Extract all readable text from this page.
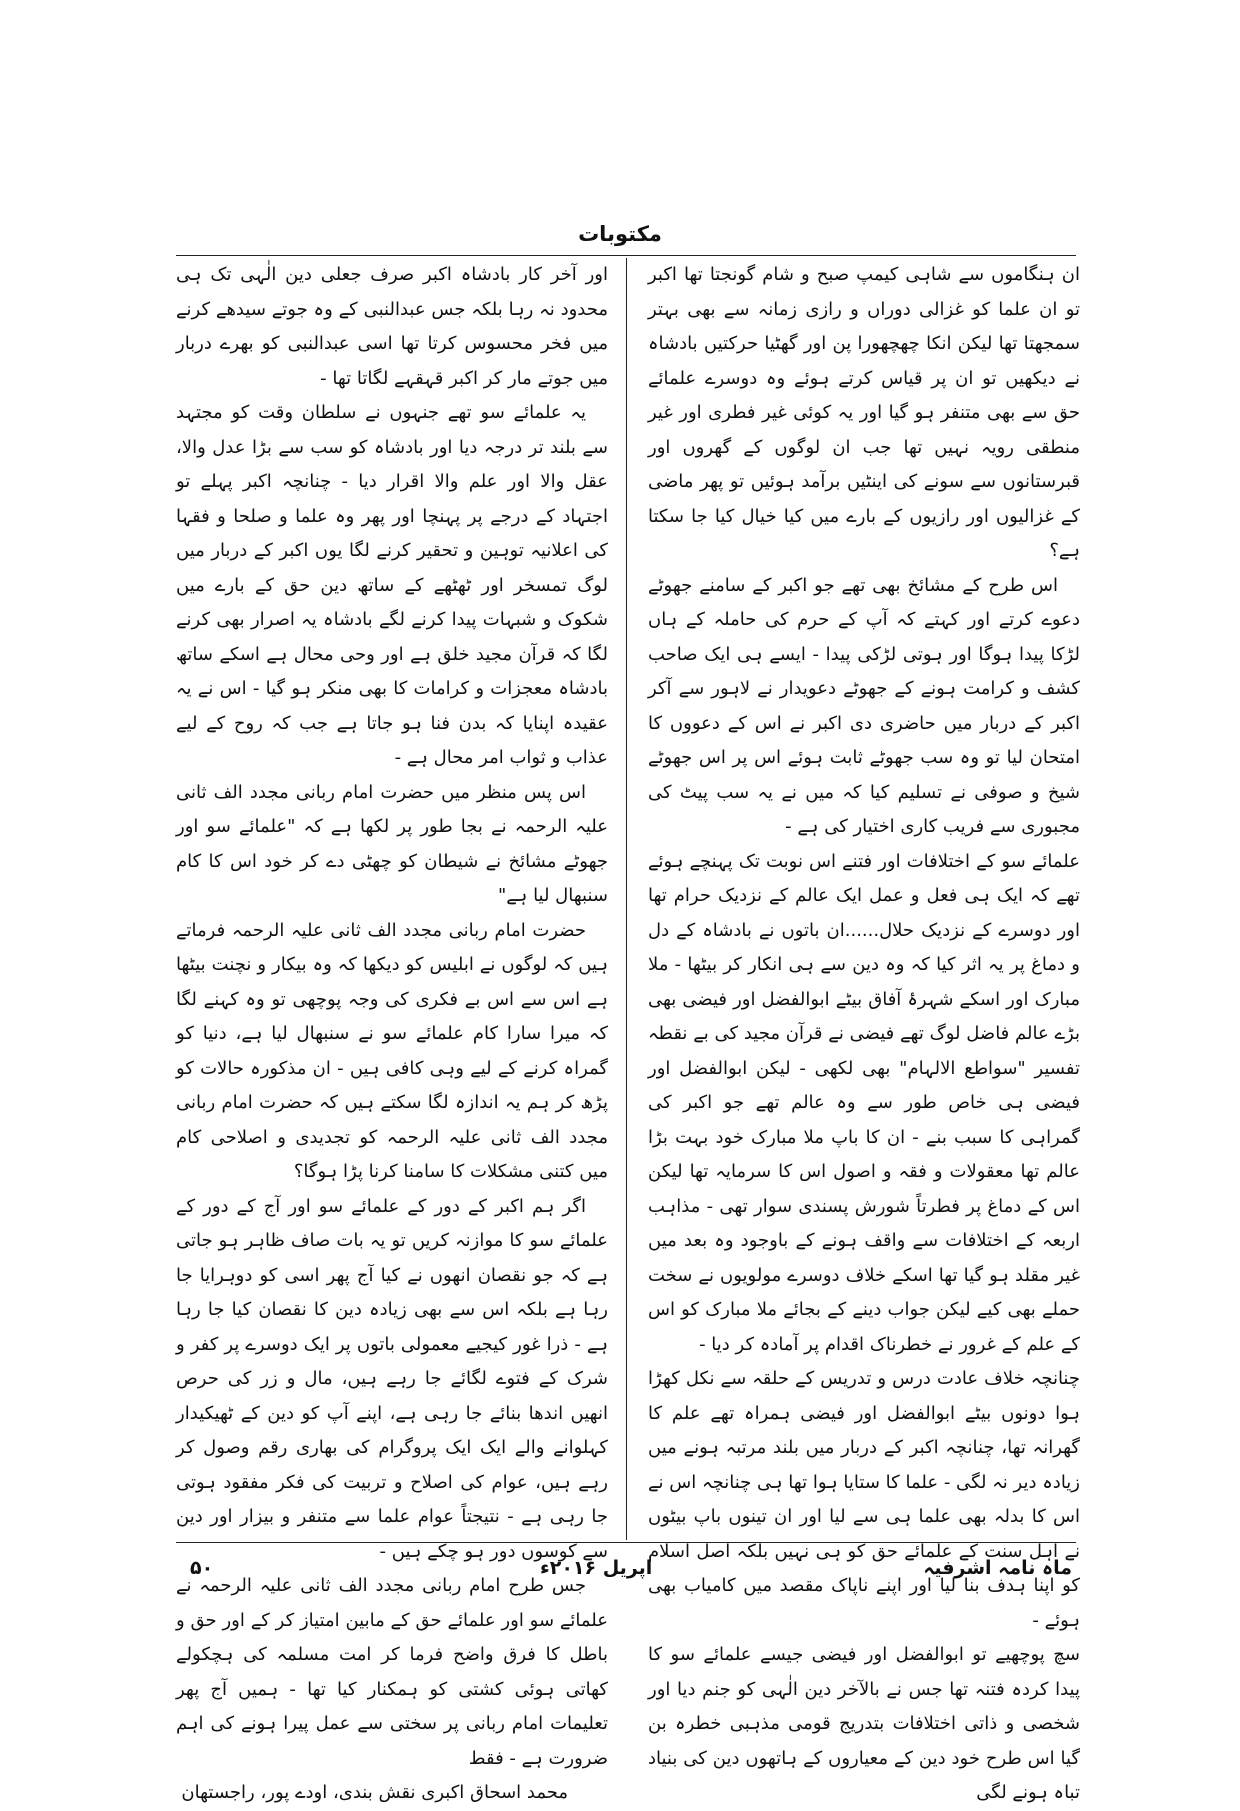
مکتوبات

ان ہنگاموں سے شاہی کیمپ صبح و شام گونجتا تھا اکبر تو ان علما کو غزالی دوراں و رازی زمانہ سے بھی بہتر سمجھتا تھا لیکن انکا چھچھورا پن اور گھٹیا حرکتیں بادشاہ نے دیکھیں تو ان پر قیاس کرتے ہوئے وہ دوسرے علمائے حق سے بھی متنفر ہو گیا اور یہ کوئی غیر فطری اور غیر منطقی رویہ نہیں تھا جب ان لوگوں کے گھروں اور قبرستانوں سے سونے کی اینٹیں برآمد ہوئیں تو پھر ماضی کے غزالیوں اور رازیوں کے بارے میں کیا خیال کیا جا سکتا ہے؟

اس طرح کے مشائخ بھی تھے جو اکبر کے سامنے جھوٹے دعوے کرتے اور کہتے کہ آپ کے حرم کی حاملہ کے ہاں لڑکا پیدا ہوگا اور ہوتی لڑکی پیدا - ایسے ہی ایک صاحب کشف و کرامت ہونے کے جھوٹے دعویدار نے لاہور سے آکر اکبر کے دربار میں حاضری دی اکبر نے اس کے دعووں کا امتحان لیا تو وہ سب جھوٹے ثابت ہوئے اس پر اس جھوٹے شیخ و صوفی نے تسلیم کیا کہ میں نے یہ سب پیٹ کی مجبوری سے فریب کاری اختیار کی ہے -

علمائے سو کے اختلافات اور فتنے اس نوبت تک پہنچے ہوئے تھے کہ ایک ہی فعل و عمل ایک عالم کے نزدیک حرام تھا اور دوسرے کے نزدیک حلال......ان باتوں نے بادشاہ کے دل و دماغ پر یہ اثر کیا کہ وہ دین سے ہی انکار کر بیٹھا - ملا مبارک اور اسکے شہرۂ آفاق بیٹے ابوالفضل اور فیضی بھی بڑے عالم فاضل لوگ تھے فیضی نے قرآن مجید کی بے نقطہ تفسیر "سواطع الالہام" بھی لکھی - لیکن ابوالفضل اور فیضی ہی خاص طور سے وہ عالم تھے جو اکبر کی گمراہی کا سبب بنے - ان کا باپ ملا مبارک خود بہت بڑا عالم تھا معقولات و فقہ و اصول اس کا سرمایہ تھا لیکن اس کے دماغ پر فطرتاً شورش پسندی سوار تھی - مذاہب اربعہ کے اختلافات سے واقف ہونے کے باوجود وہ بعد میں غیر مقلد ہو گیا تھا اسکے خلاف دوسرے مولویوں نے سخت حملے بھی کیے لیکن جواب دینے کے بجائے ملا مبارک کو اس کے علم کے غرور نے خطرناک اقدام پر آمادہ کر دیا -

چنانچہ خلاف عادت درس و تدریس کے حلقہ سے نکل کھڑا ہوا دونوں بیٹے ابوالفضل اور فیضی ہمراہ تھے علم کا گھرانہ تھا، چنانچہ اکبر کے دربار میں بلند مرتبہ ہونے میں زیادہ دیر نہ لگی - علما کا ستایا ہوا تھا ہی چنانچہ اس نے اس کا بدلہ بھی علما ہی سے لیا اور ان تینوں باپ بیٹوں نے اہل سنت کے علمائے حق کو ہی نہیں بلکہ اصل اسلام کو اپنا ہدف بنا لیا اور اپنے ناپاک مقصد میں کامیاب بھی ہوئے -

سچ پوچھیے تو ابوالفضل اور فیضی جیسے علمائے سو کا پیدا کردہ فتنہ تھا جس نے بالآخر دین الٰہی کو جنم دیا اور شخصی و ذاتی اختلافات بتدریج قومی مذہبی خطرہ بن گیا اس طرح خود دین کے معیاروں کے ہاتھوں دین کی بنیاد تباہ ہونے لگی

اور آخر کار بادشاہ اکبر صرف جعلی دین الٰہی تک ہی محدود نہ رہا بلکہ جس عبدالنبی کے وہ جوتے سیدھے کرنے میں فخر محسوس کرتا تھا اسی عبدالنبی کو بھرے دربار میں جوتے مار کر اکبر قہقہے لگاتا تھا -

یہ علمائے سو تھے جنہوں نے سلطان وقت کو مجتہد سے بلند تر درجہ دیا اور بادشاہ کو سب سے بڑا عدل والا، عقل والا اور علم والا اقرار دیا - چنانچہ اکبر پہلے تو اجتہاد کے درجے پر پہنچا اور پھر وہ علما و صلحا و فقہا کی اعلانیہ توہین و تحقیر کرنے لگا یوں اکبر کے دربار میں لوگ تمسخر اور ٹھٹھے کے ساتھ دین حق کے بارے میں شکوک و شبہات پیدا کرنے لگے بادشاہ یہ اصرار بھی کرنے لگا کہ قرآن مجید خلق ہے اور وحی محال ہے اسکے ساتھ بادشاہ معجزات و کرامات کا بھی منکر ہو گیا - اس نے یہ عقیدہ اپنایا کہ بدن فنا ہو جاتا ہے جب کہ روح کے لیے عذاب و ثواب امر محال ہے -

اس پس منظر میں حضرت امام ربانی مجدد الف ثانی علیہ الرحمہ نے بجا طور پر لکھا ہے کہ "علمائے سو اور جھوٹے مشائخ نے شیطان کو چھٹی دے کر خود اس کا کام سنبھال لیا ہے"

حضرت امام ربانی مجدد الف ثانی علیہ الرحمہ فرماتے ہیں کہ لوگوں نے ابلیس کو دیکھا کہ وہ بیکار و نچنت بیٹھا ہے اس سے اس بے فکری کی وجہ پوچھی تو وہ کہنے لگا کہ میرا سارا کام علمائے سو نے سنبھال لیا ہے، دنیا کو گمراہ کرنے کے لیے وہی کافی ہیں - ان مذکورہ حالات کو پڑھ کر ہم یہ اندازہ لگا سکتے ہیں کہ حضرت امام ربانی مجدد الف ثانی علیہ الرحمہ کو تجدیدی و اصلاحی کام میں کتنی مشکلات کا سامنا کرنا پڑا ہوگا؟

اگر ہم اکبر کے دور کے علمائے سو اور آج کے دور کے علمائے سو کا موازنہ کریں تو یہ بات صاف ظاہر ہو جاتی ہے کہ جو نقصان انھوں نے کیا آج پھر اسی کو دوہرایا جا رہا ہے بلکہ اس سے بھی زیادہ دین کا نقصان کیا جا رہا ہے - ذرا غور کیجیے معمولی باتوں پر ایک دوسرے پر کفر و شرک کے فتوے لگائے جا رہے ہیں، مال و زر کی حرص انھیں اندھا بنائے جا رہی ہے، اپنے آپ کو دین کے ٹھیکیدار کہلوانے والے ایک ایک پروگرام کی بھاری رقم وصول کر رہے ہیں، عوام کی اصلاح و تربیت کی فکر مفقود ہوتی جا رہی ہے - نتیجتاً عوام علما سے متنفر و بیزار اور دین سے کوسوں دور ہو چکے ہیں -

جس طرح امام ربانی مجدد الف ثانی علیہ الرحمہ نے علمائے سو اور علمائے حق کے مابین امتیاز کر کے اور حق و باطل کا فرق واضح فرما کر امت مسلمہ کی ہچکولے کھاتی ہوئی کشتی کو ہمکنار کیا تھا - ہمیں آج پھر تعلیمات امام ربانی پر سختی سے عمل پیرا ہونے کی اہم ضرورت ہے - فقط

محمد اسحاق اکبری نقش بندی، اودے پور، راجستھان

ماہ نامہ اشرفیہ
اپریل ۲۰۱۶ء
۵۰
